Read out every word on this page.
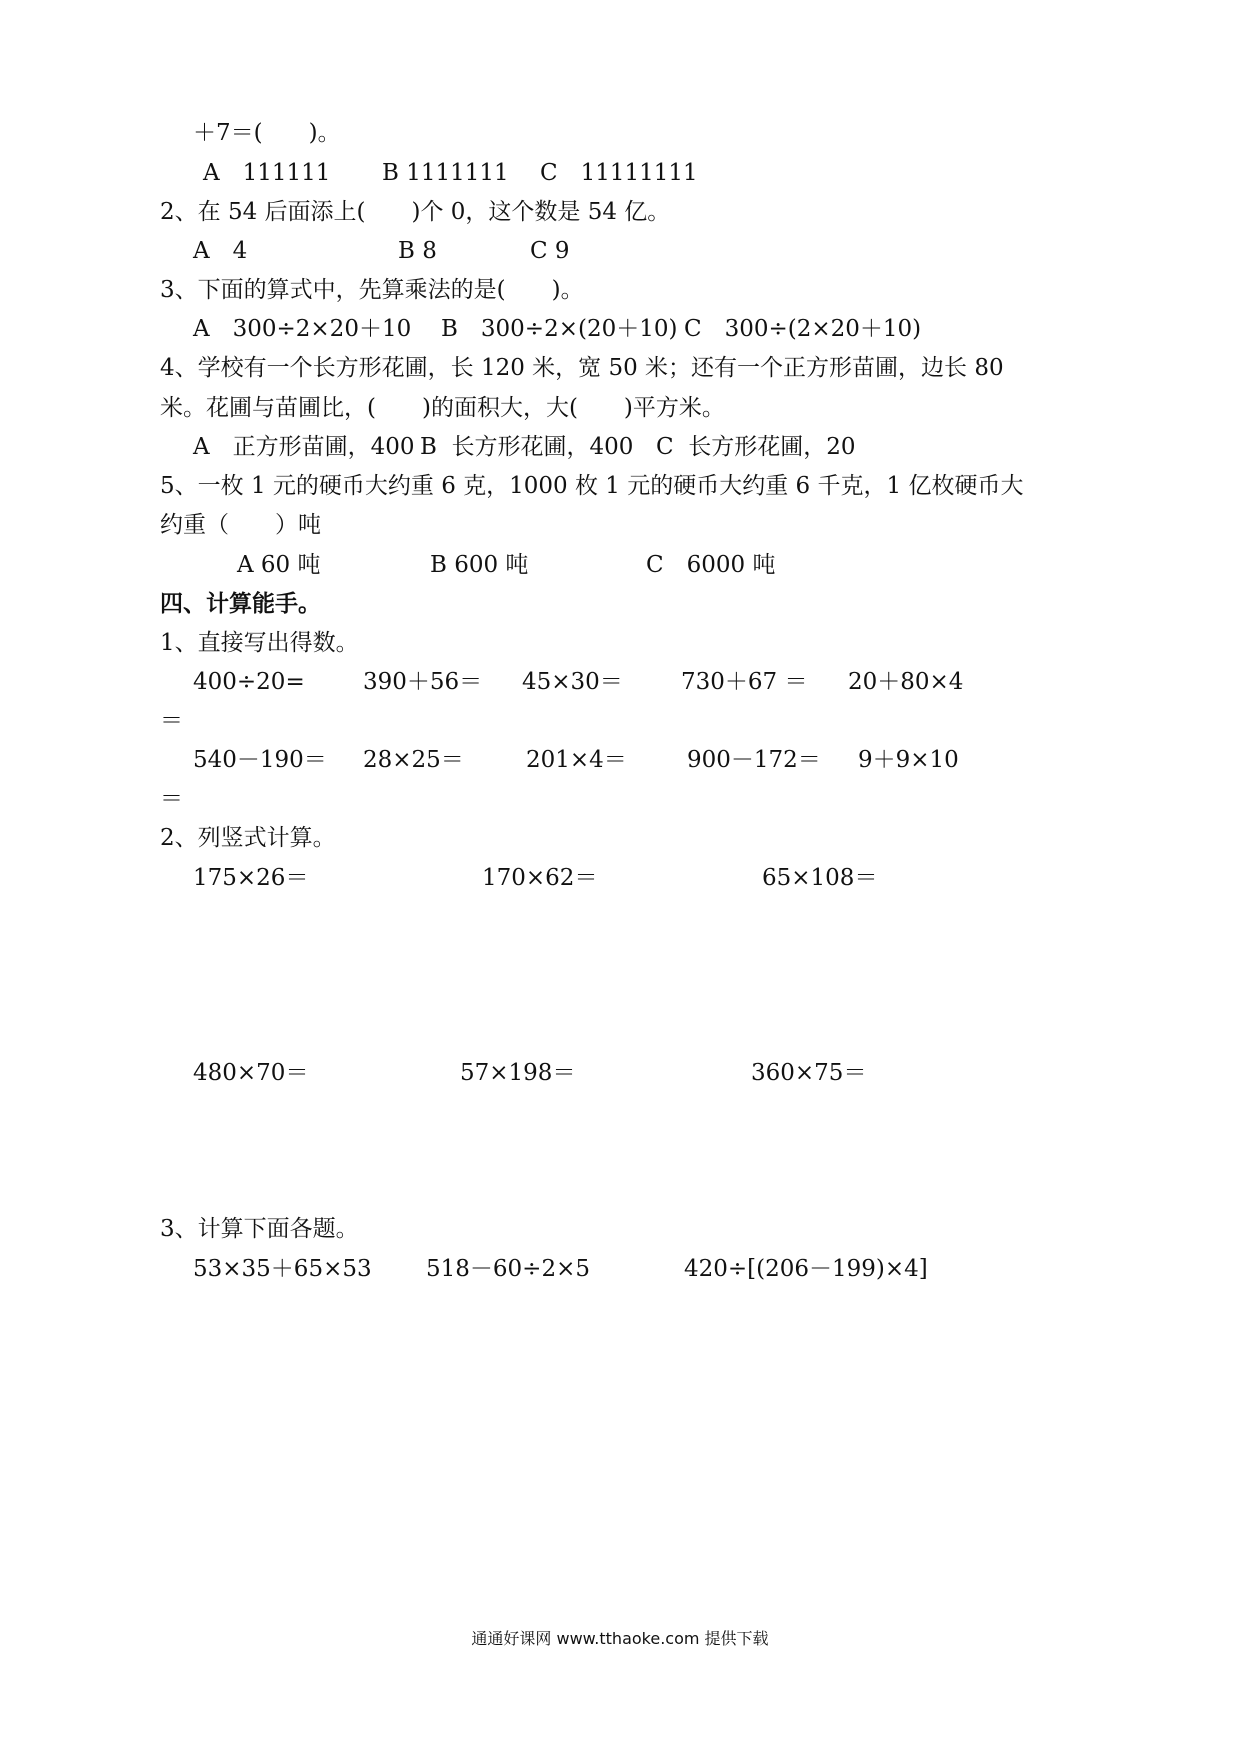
＋7＝(　　)。
A　111111 B 1111111 C　11111111
2、在 54 后面添上(　　)个 0，这个数是 54 亿。
A　4	B 8	C 9
3、下面的算式中，先算乘法的是(　　)。
A　300÷2×20＋10 B　300÷2×(20＋10) C　300÷(2×20＋10)
4、学校有一个长方形花圃，长 120 米，宽 50 米；还有一个正方形苗圃，边长 80
米。花圃与苗圃比，(　　)的面积大，大(　　)平方米。
A　正方形苗圃，400 B  长方形花圃，400 C  长方形花圃，20
5、一枚 1 元的硬币大约重 6 克，1000 枚 1 元的硬币大约重 6 千克，1 亿枚硬币大
约重（　　）吨
A 60 吨	B 600 吨	C　6000 吨
四、计算能手。
1、直接写出得数。
400÷20=	390＋56＝ 45×30＝	730＋67 ＝ 20＋80×4
＝
540－190＝ 28×25＝	201×4＝	900－172＝ 9＋9×10
＝
2、列竖式计算。
175×26＝	170×62＝	65×108＝
480×70＝	57×198＝	360×75＝
3、计算下面各题。
53×35＋65×53 518－60÷2×5	420÷[(206－199)×4]
通通好课网 www.tthaoke.com 提供下载
